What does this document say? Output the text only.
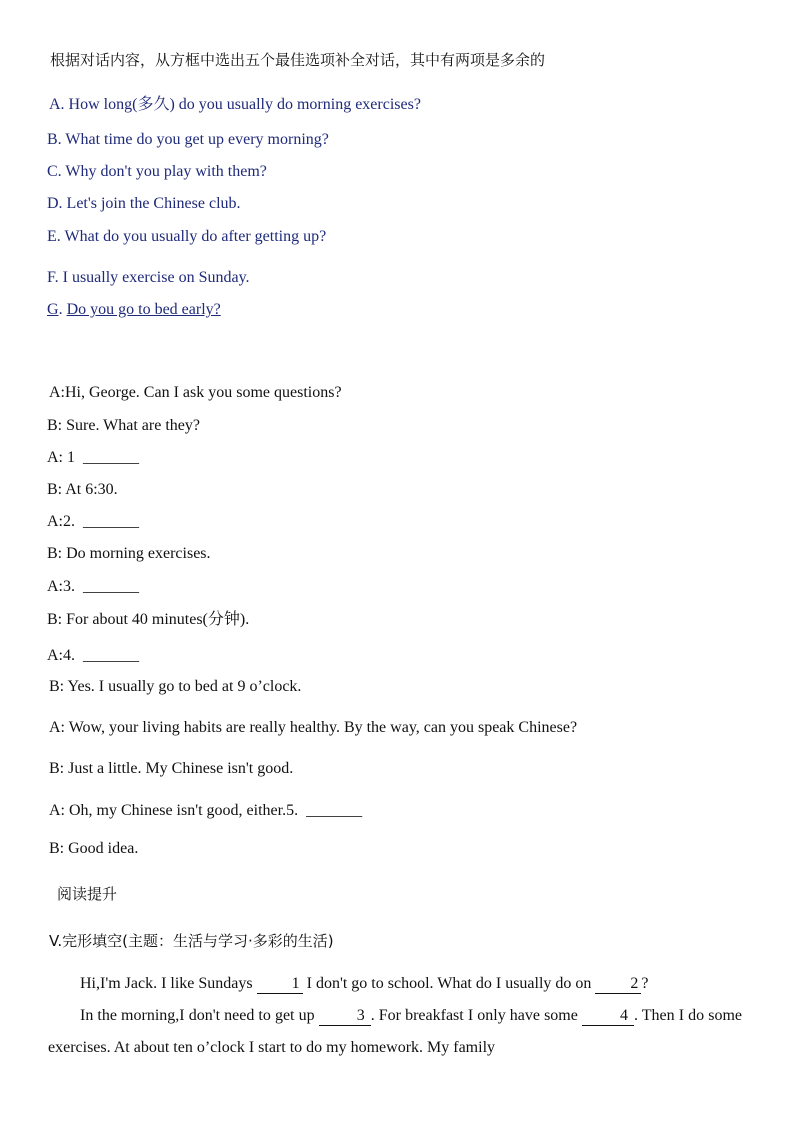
根据对话内容，从方框中选出五个最佳选项补全对话，其中有两项是多余的
A. How long(多久) do you usually do morning exercises?
B. What time do you get up every morning?
C. Why don't you play with them?
D. Let's join the Chinese club.
E. What do you usually do after getting up?
F. I usually exercise on Sunday.
G. Do you go to bed early?
A:Hi, George. Can I ask you some questions?
B: Sure. What are they?
A: 1 _______
B: At 6:30.
A:2. _______
B: Do morning exercises.
A:3. _______
B: For about 40 minutes(分钟).
A:4. _______
B: Yes. I usually go to bed at 9 o’clock.
A: Wow, your living habits are really healthy. By the way, can you speak Chinese?
B: Just a little. My Chinese isn't good.
A: Oh, my Chinese isn't good, either.5. _______
B: Good idea.
阅读提升
V.完形填空(主题：生活与学习·多彩的生活)

Hi,I'm Jack. I like Sundays 1 I don't go to school. What do I usually do on 2 ?

In the morning,I don't need to get up 3 . For breakfast I only have some 4 . Then I do some exercises. At about ten o’clock I start to do my homework. My family
